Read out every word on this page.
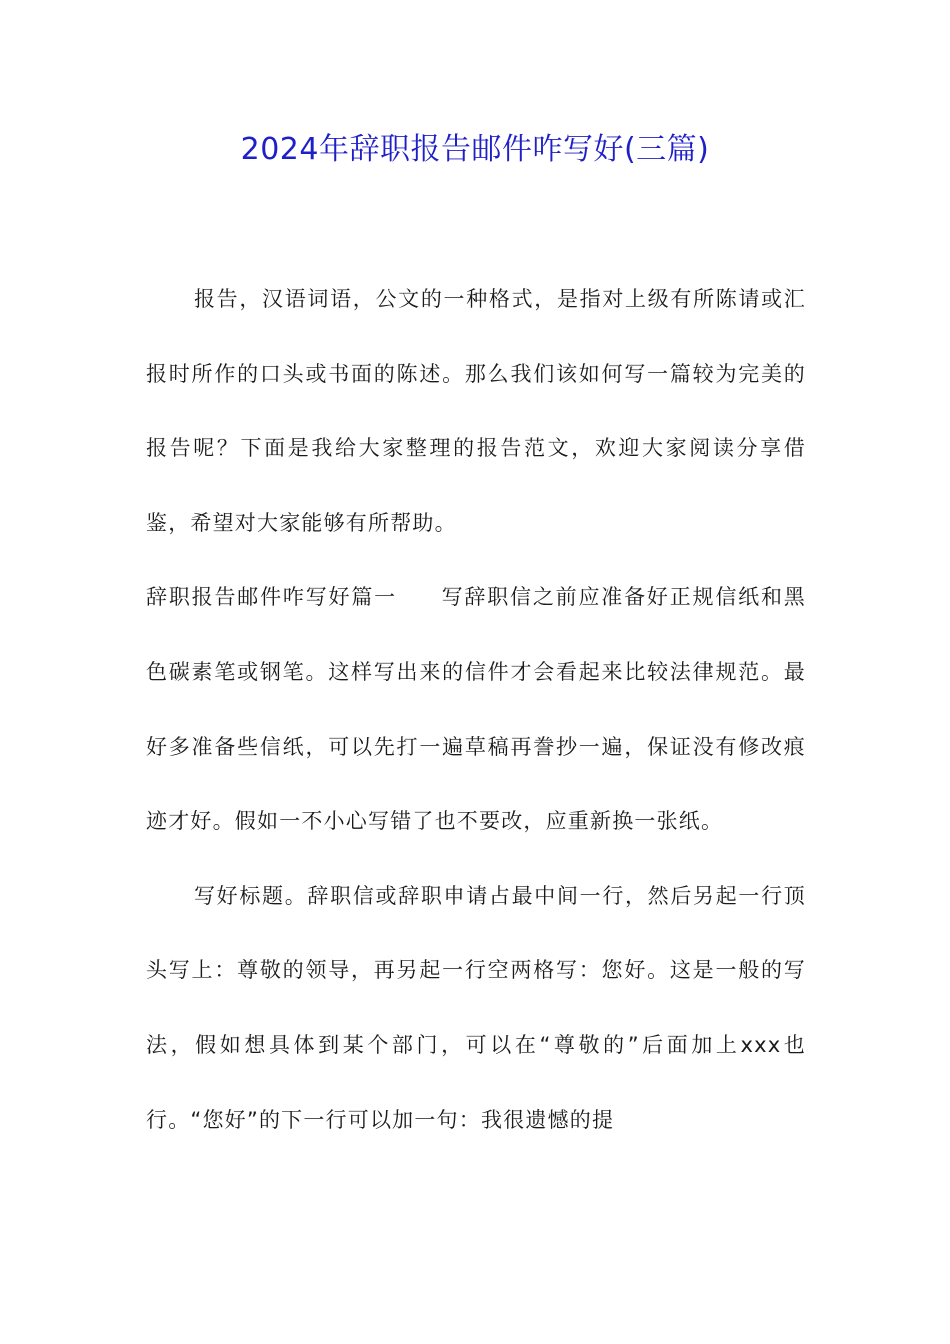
2024年辞职报告邮件咋写好(三篇)

报告，汉语词语，公文的一种格式，是指对上级有所陈请或汇报时所作的口头或书面的陈述。那么我们该如何写一篇较为完美的报告呢？下面是我给大家整理的报告范文，欢迎大家阅读分享借鉴，希望对大家能够有所帮助。

辞职报告邮件咋写好篇一 写辞职信之前应准备好正规信纸和黑色碳素笔或钢笔。这样写出来的信件才会看起来比较法律规范。最好多准备些信纸，可以先打一遍草稿再誊抄一遍，保证没有修改痕迹才好。假如一不小心写错了也不要改，应重新换一张纸。

写好标题。辞职信或辞职申请占最中间一行，然后另起一行顶头写上：尊敬的领导，再另起一行空两格写：您好。这是一般的写法，假如想具体到某个部门，可以在“尊敬的”后面加上xxx也行。“您好”的下一行可以加一句：我很遗憾的提
